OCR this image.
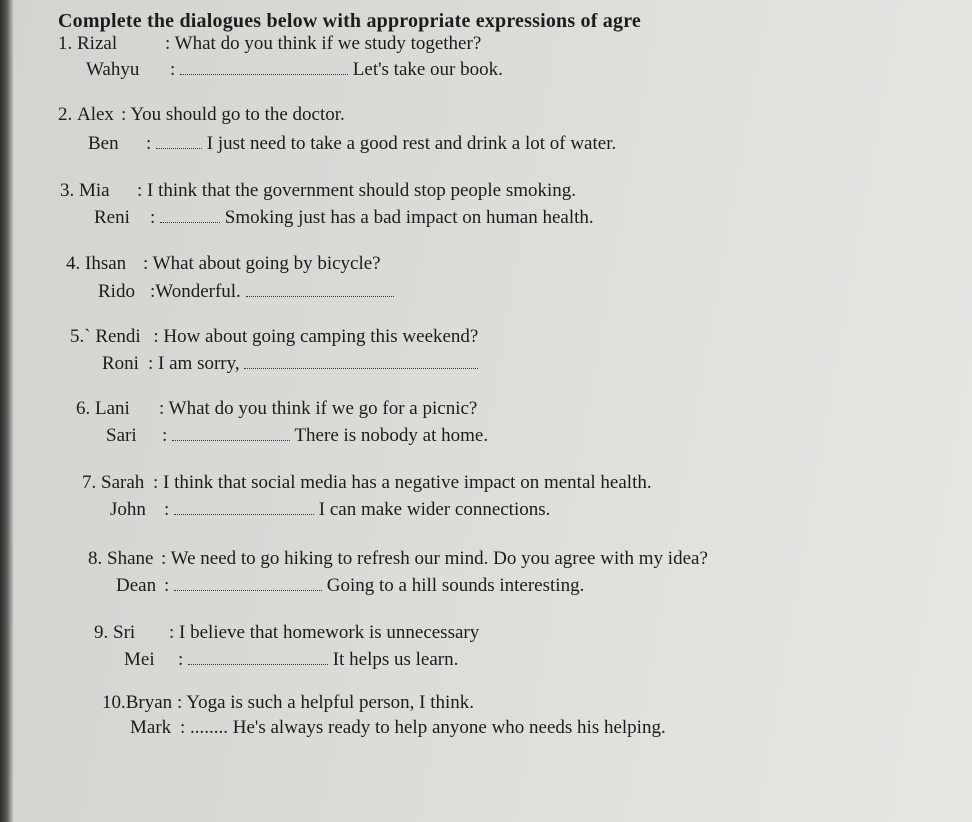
Complete the dialogues below with appropriate expressions of agre
1. Rizal	: What do you think if we study together?
Wahyu :	Let's take our book.
2. Alex : You should go to the doctor.
Ben :	I just need to take a good rest and drink a lot of water.
3. Mia : I think that the government should stop people smoking.
Reni :	Smoking just has a bad impact on human health.
4. Ihsan : What about going by bicycle?
Rido :Wonderful.
5.` Rendi : How about going camping this weekend?
Roni : I am sorry,
6. Lani : What do you think if we go for a picnic?
Sari :	There is nobody at home.
7. Sarah : I think that social media has a negative impact on mental health.
John :	I can make wider connections.
8. Shane : We need to go hiking to refresh our mind. Do you agree with my idea?
Dean :	Going to a hill sounds interesting.
9. Sri : I believe that homework is unnecessary
Mei :	It helps us learn.
10.Bryan : Yoga is such a helpful person, I think.
Mark : ........ He's always ready to help anyone who needs his helping.
